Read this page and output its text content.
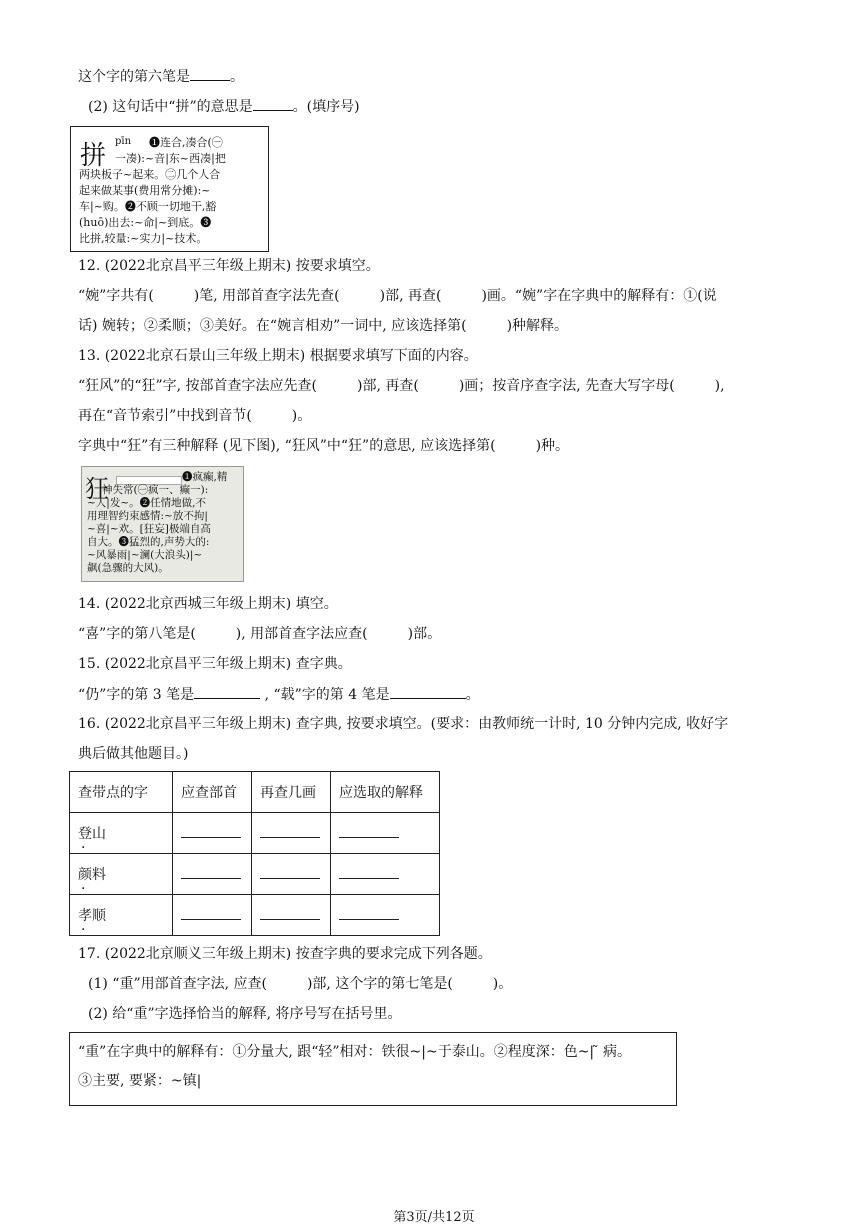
这个字的第六笔是	。
(2) 这句话中“拼”的意思是	。(填序号)
拼 pīn ❶连合,凑合(㊀
一凑):~音|东~西凑|把
两块板子~起来。㊁几个人合
起来做某事(费用常分摊):~
车|~购。❷不顾一切地干,豁
(huō)出去:~命|~到底。❸
比拼,较量:~实力|~技术。
12. (2022北京昌平三年级上期末) 按要求填空。
“婉”字共有(	)笔, 用部首查字法先查(	)部, 再查(	)画。“婉”字在字典中的解释有：①(说
话) 婉转；②柔顺；③美好。在“婉言相劝”一词中, 应该选择第(	)种解释。
13. (2022北京石景山三年级上期末) 根据要求填写下面的内容。
“狂风”的“狂”字, 按部首查字法应先查(	)部, 再查(	)画；按音序查字法, 先查大写字母(	),
再在“音节索引”中找到音节(	)。
字典中“狂”有三种解释 (见下图), “狂风”中“狂”的意思, 应该选择第(	)种。
狂	❶疯癫,精
神失常(㊀疯一、癫一):
~人|发~。❷任情地做,不
用理智约束感情:~放不拘|
~喜|~欢。[狂妄]极端自高
自大。❸猛烈的,声势大的:
~风暴雨|~澜(大浪头)|~
飙(急骤的大风)。
14. (2022北京西城三年级上期末) 填空。
“喜”字的第八笔是(	), 用部首查字法应查(	)部。
15. (2022北京昌平三年级上期末) 查字典。
“仍”字的第 3 笔是	, “载”字的第 4 笔是	。
16. (2022北京昌平三年级上期末) 查字典, 按要求填空。(要求：由教师统一计时, 10 分钟内完成, 收好字
典后做其他题目。)
查带点的字	应查部首	再查几画	应选取的解释
登山			
颜料			
孝顺			
17. (2022北京顺义三年级上期末) 按查字典的要求完成下列各题。
(1) “重”用部首查字法, 应查(	)部, 这个字的第七笔是(	)。
(2) 给“重”字选择恰当的解释, 将序号写在括号里。
“重”在字典中的解释有：①分量大, 跟“轻”相对：铁很~|~于泰山。②程度深：色~| ̃ 病。
③主要, 要紧：~镇|
第3页/共12页
